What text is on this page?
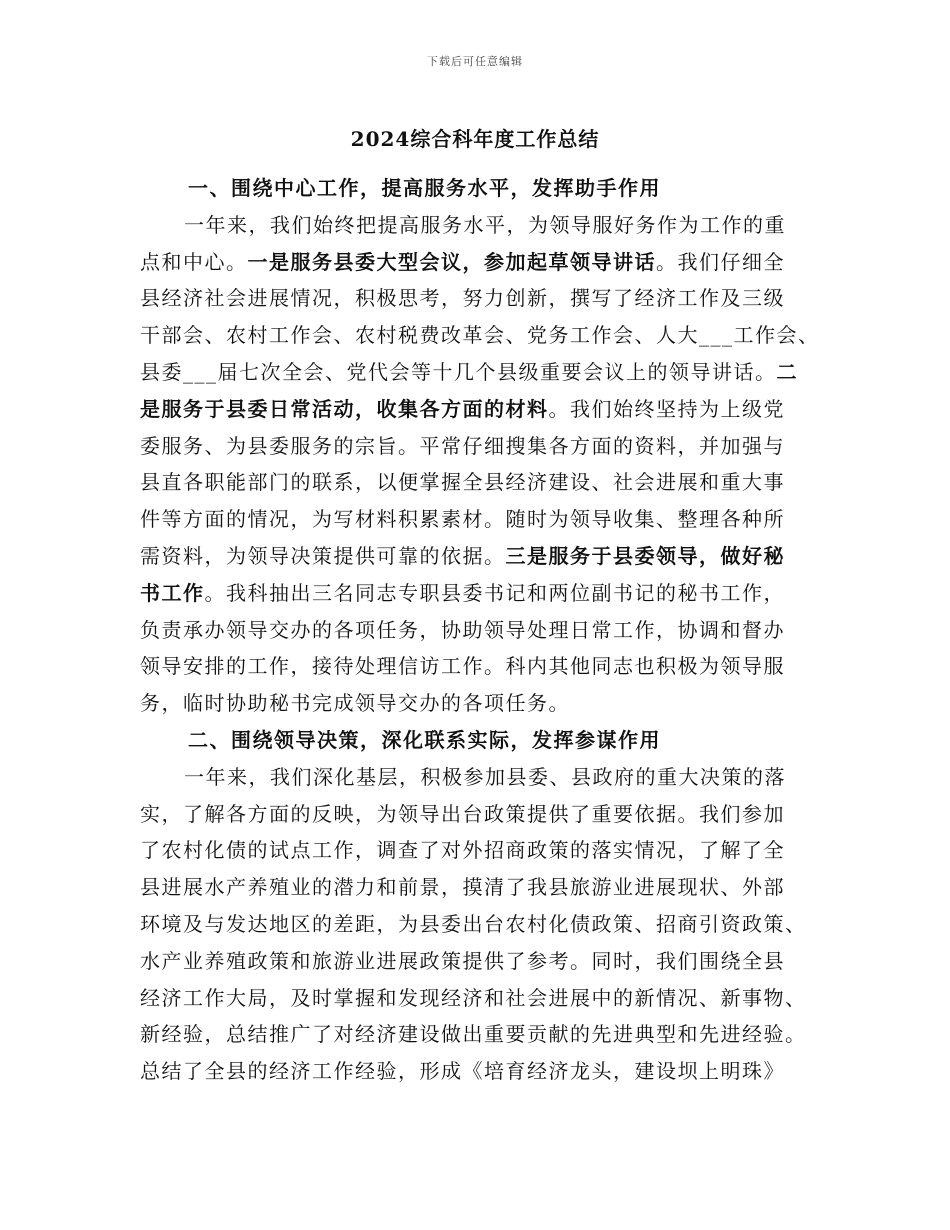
下载后可任意编辑
2024综合科年度工作总结
一、围绕中心工作，提高服务水平，发挥助手作用
一年来，我们始终把提高服务水平，为领导服好务作为工作的重
点和中心。一是服务县委大型会议，参加起草领导讲话。我们仔细全
县经济社会进展情况，积极思考，努力创新，撰写了经济工作及三级
干部会、农村工作会、农村税费改革会、党务工作会、人大___工作会、
县委___届七次全会、党代会等十几个县级重要会议上的领导讲话。二
是服务于县委日常活动，收集各方面的材料。我们始终坚持为上级党
委服务、为县委服务的宗旨。平常仔细搜集各方面的资料，并加强与
县直各职能部门的联系，以便掌握全县经济建设、社会进展和重大事
件等方面的情况，为写材料积累素材。随时为领导收集、整理各种所
需资料，为领导决策提供可靠的依据。三是服务于县委领导，做好秘
书工作。我科抽出三名同志专职县委书记和两位副书记的秘书工作，
负责承办领导交办的各项任务，协助领导处理日常工作，协调和督办
领导安排的工作，接待处理信访工作。科内其他同志也积极为领导服
务，临时协助秘书完成领导交办的各项任务。
二、围绕领导决策，深化联系实际，发挥参谋作用
一年来，我们深化基层，积极参加县委、县政府的重大决策的落
实，了解各方面的反映，为领导出台政策提供了重要依据。我们参加
了农村化债的试点工作，调查了对外招商政策的落实情况，了解了全
县进展水产养殖业的潜力和前景，摸清了我县旅游业进展现状、外部
环境及与发达地区的差距，为县委出台农村化债政策、招商引资政策、
水产业养殖政策和旅游业进展政策提供了参考。同时，我们围绕全县
经济工作大局，及时掌握和发现经济和社会进展中的新情况、新事物、
新经验，总结推广了对经济建设做出重要贡献的先进典型和先进经验。
总结了全县的经济工作经验，形成《培育经济龙头，建设坝上明珠》
